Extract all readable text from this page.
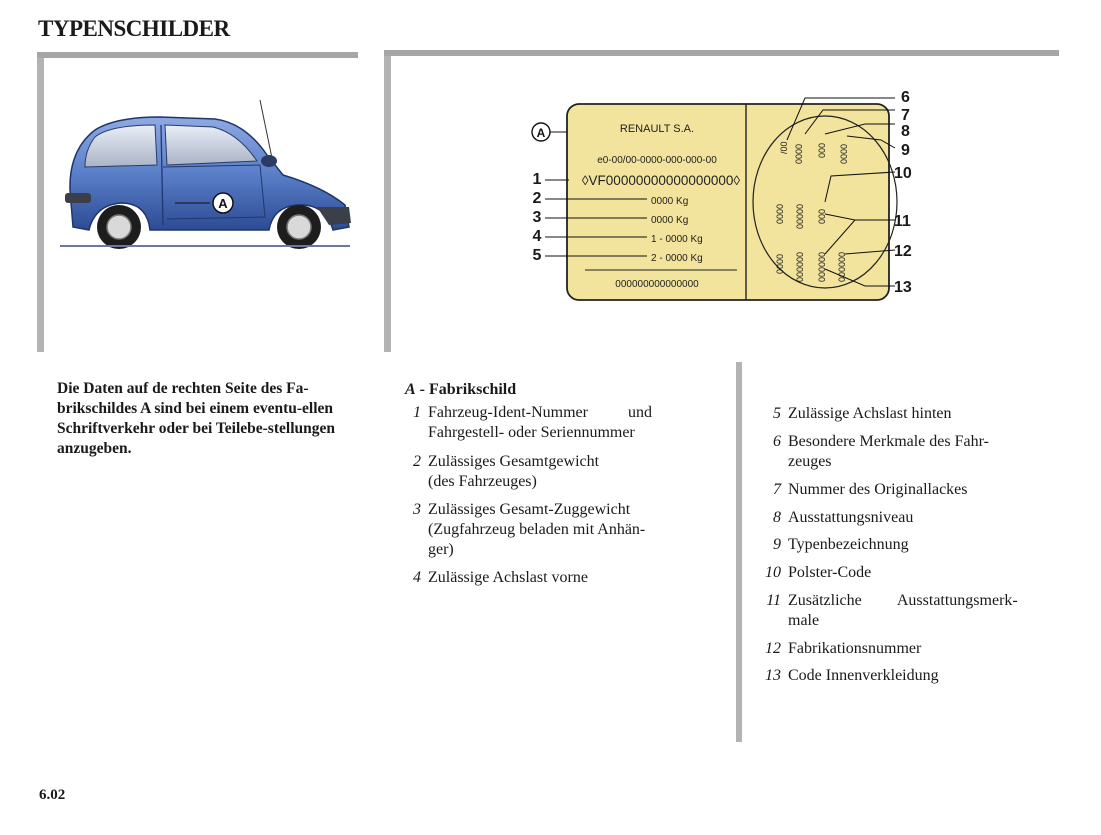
TYPENSCHILDER
A
Die Daten auf de rechten Seite des Fa-brikschildes A sind bei einem eventu-ellen Schriftverkehr oder bei Teilebe-stellungen anzugeben.
RENAULT S.A.
e0-00/00-0000-000-000-00
◊VF00000000000000000◊
0000 Kg
0000 Kg
1 - 0000 Kg
2 - 0000 Kg
000000000000000
A
1
2
3
4
5
/00 0000 000 0000
0000 00000 000
0000 000000 000000 000000
6
7
8
9
10
11
12
13
A - Fabrikschild
1 Fahrzeug-Ident-Nummer          und
Fahrgestell- oder Seriennummer
2 Zulässiges Gesamtgewicht
(des Fahrzeuges)
3 Zulässiges Gesamt-Zuggewicht
(Zugfahrzeug beladen mit Anhän-
ger)
4 Zulässige Achslast vorne
5 Zulässige Achslast hinten
6 Besondere Merkmale des Fahr-
zeuges
7 Nummer des Originallackes
8 Ausstattungsniveau
9 Typenbezeichnung
10 Polster-Code
11 Zusätzliche         Ausstattungsmerk-
male
12 Fabrikationsnummer
13 Code Innenverkleidung
6.02
